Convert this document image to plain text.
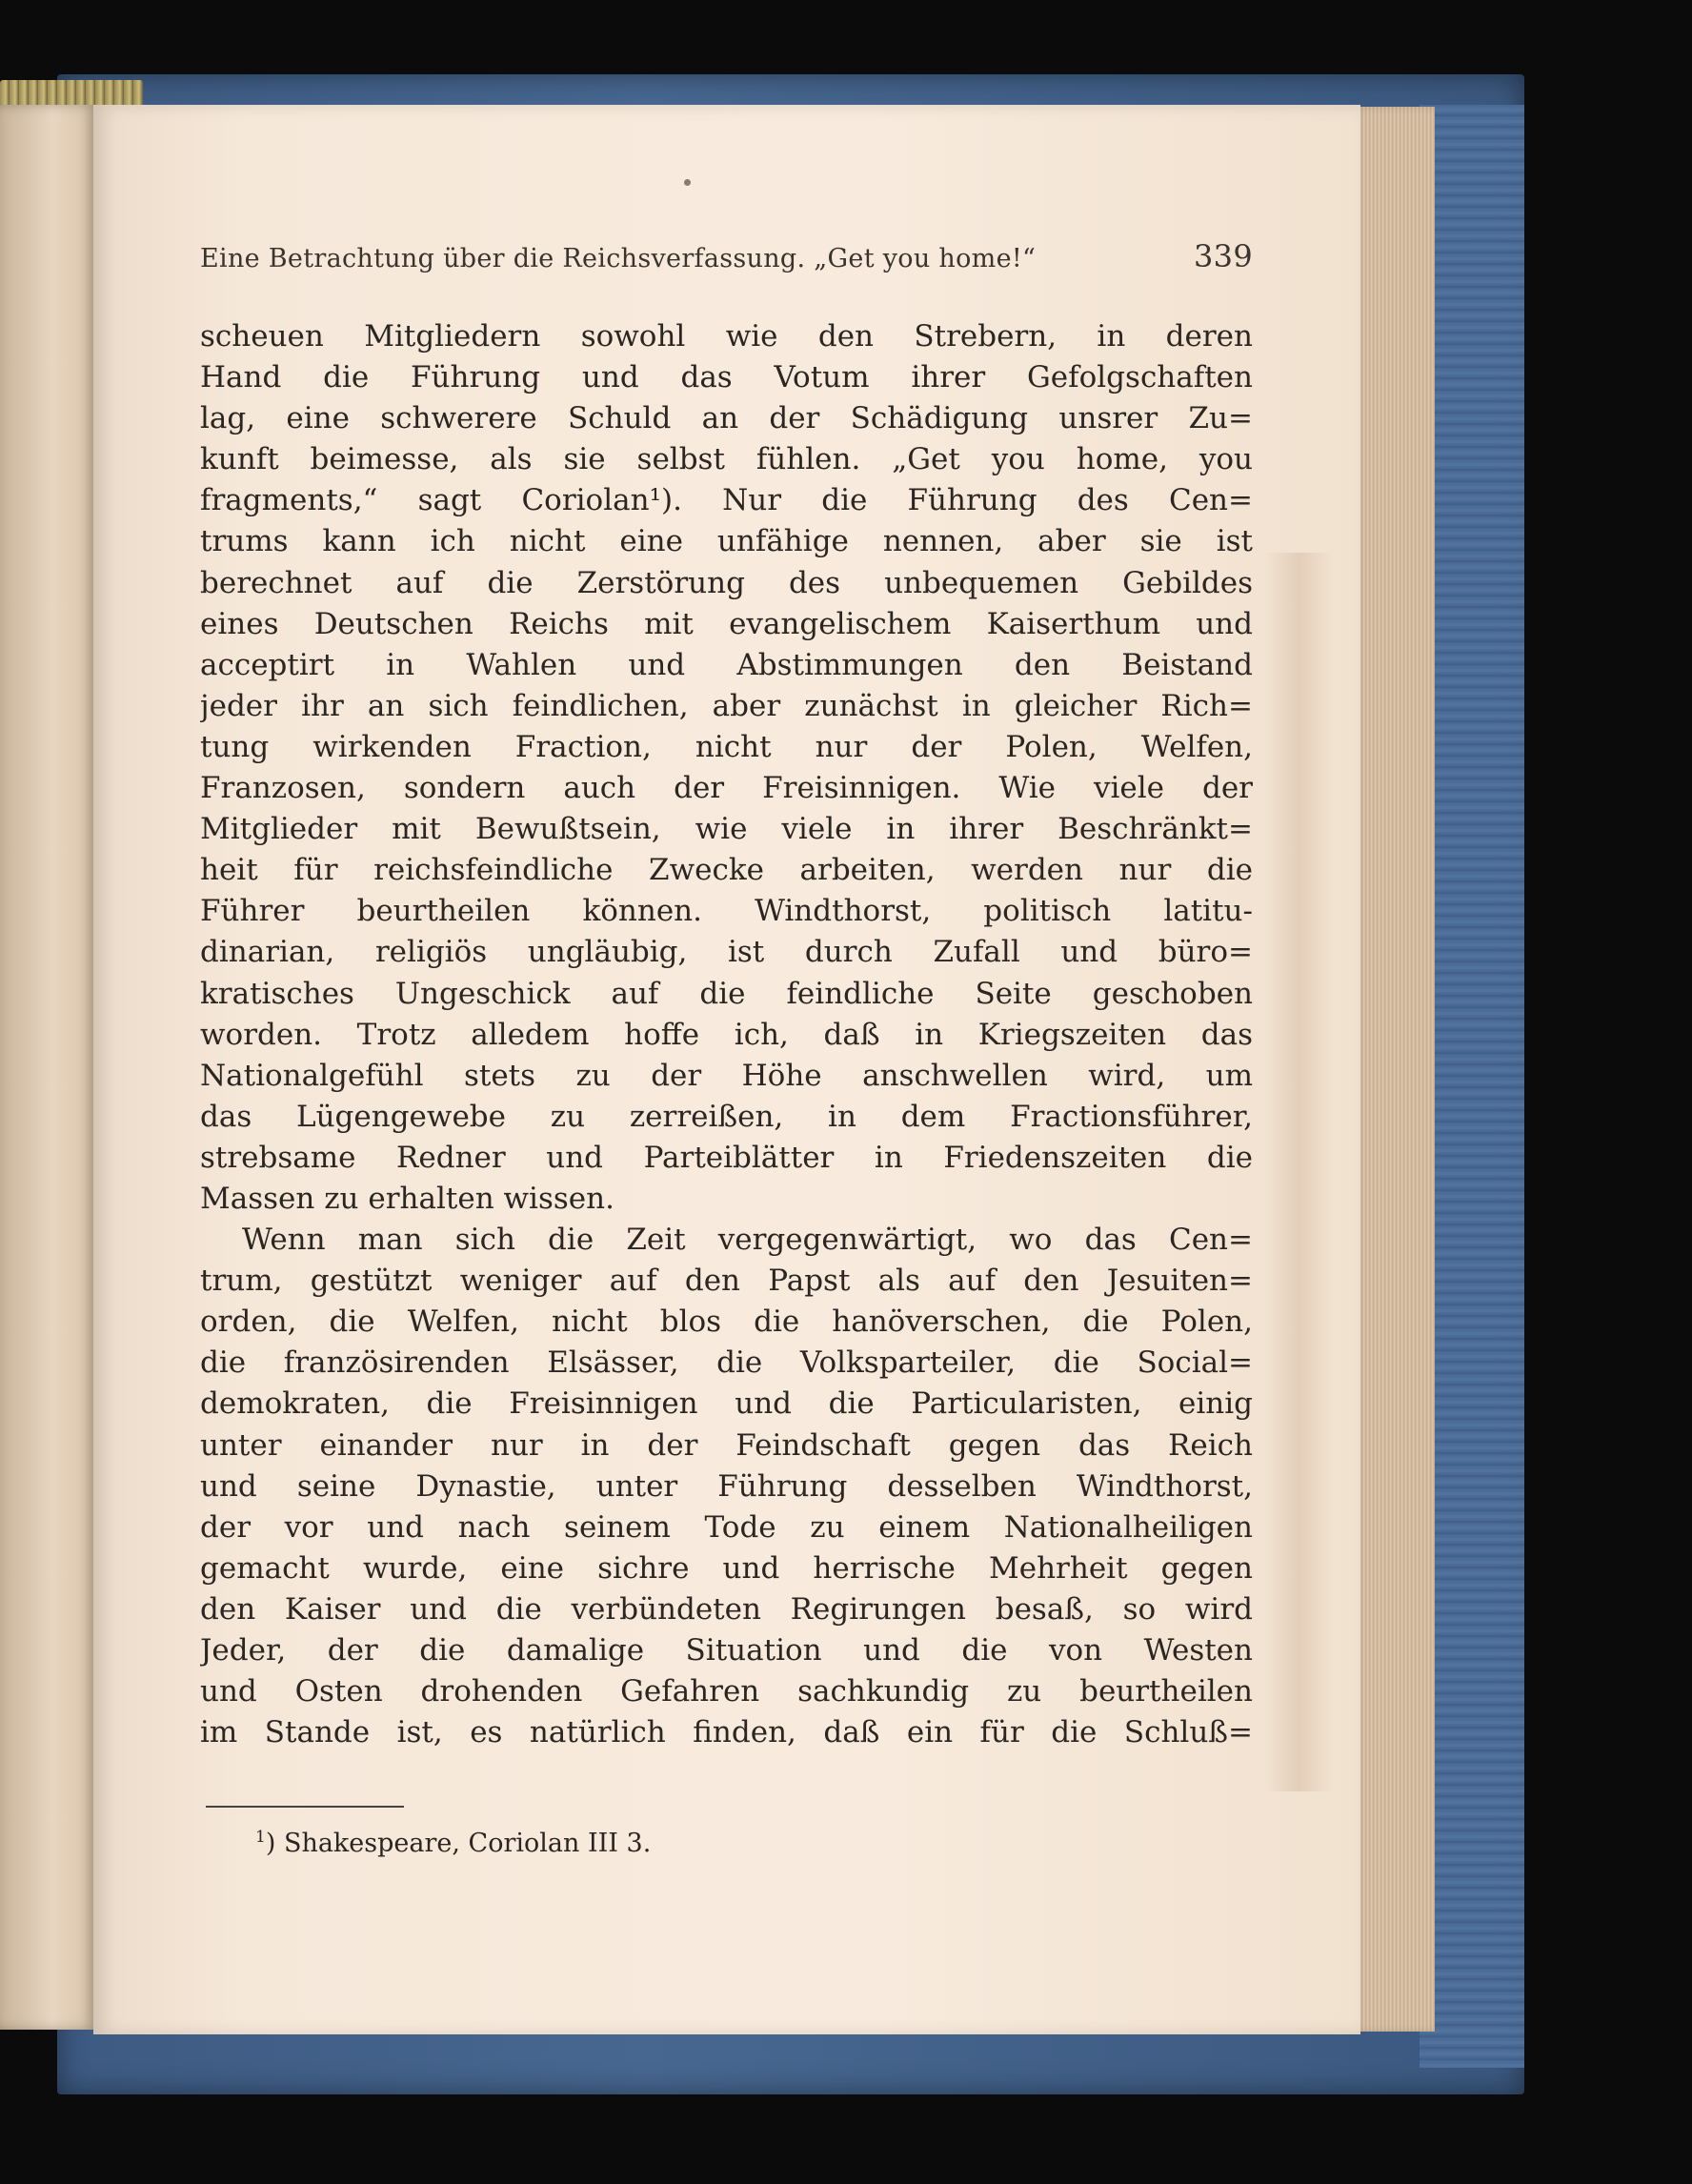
Eine Betrachtung über die Reichsverfassung. „Get you home!“	339
scheuen Mitgliedern sowohl wie den Strebern, in deren
Hand die Führung und das Votum ihrer Gefolgschaften
lag, eine schwerere Schuld an der Schädigung unsrer Zu=
kunft beimesse, als sie selbst fühlen. „Get you home, you
fragments,“ sagt Coriolan¹). Nur die Führung des Cen=
trums kann ich nicht eine unfähige nennen, aber sie ist
berechnet auf die Zerstörung des unbequemen Gebildes
eines Deutschen Reichs mit evangelischem Kaiserthum und
acceptirt in Wahlen und Abstimmungen den Beistand
jeder ihr an sich feindlichen, aber zunächst in gleicher Rich=
tung wirkenden Fraction, nicht nur der Polen, Welfen,
Franzosen, sondern auch der Freisinnigen. Wie viele der
Mitglieder mit Bewußtsein, wie viele in ihrer Beschränkt=
heit für reichsfeindliche Zwecke arbeiten, werden nur die
Führer beurtheilen können. Windthorst, politisch latitu-
dinarian, religiös ungläubig, ist durch Zufall und büro=
kratisches Ungeschick auf die feindliche Seite geschoben
worden. Trotz alledem hoffe ich, daß in Kriegszeiten das
Nationalgefühl stets zu der Höhe anschwellen wird, um
das Lügengewebe zu zerreißen, in dem Fractionsführer,
strebsame Redner und Parteiblätter in Friedenszeiten die
Massen zu erhalten wissen.
Wenn man sich die Zeit vergegenwärtigt, wo das Cen=
trum, gestützt weniger auf den Papst als auf den Jesuiten=
orden, die Welfen, nicht blos die hanöverschen, die Polen,
die französirenden Elsässer, die Volksparteiler, die Social=
demokraten, die Freisinnigen und die Particularisten, einig
unter einander nur in der Feindschaft gegen das Reich
und seine Dynastie, unter Führung desselben Windthorst,
der vor und nach seinem Tode zu einem Nationalheiligen
gemacht wurde, eine sichre und herrische Mehrheit gegen
den Kaiser und die verbündeten Regirungen besaß, so wird
Jeder, der die damalige Situation und die von Westen
und Osten drohenden Gefahren sachkundig zu beurtheilen
im Stande ist, es natürlich finden, daß ein für die Schluß=
$^1$) Shakespeare, Coriolan III 3.
